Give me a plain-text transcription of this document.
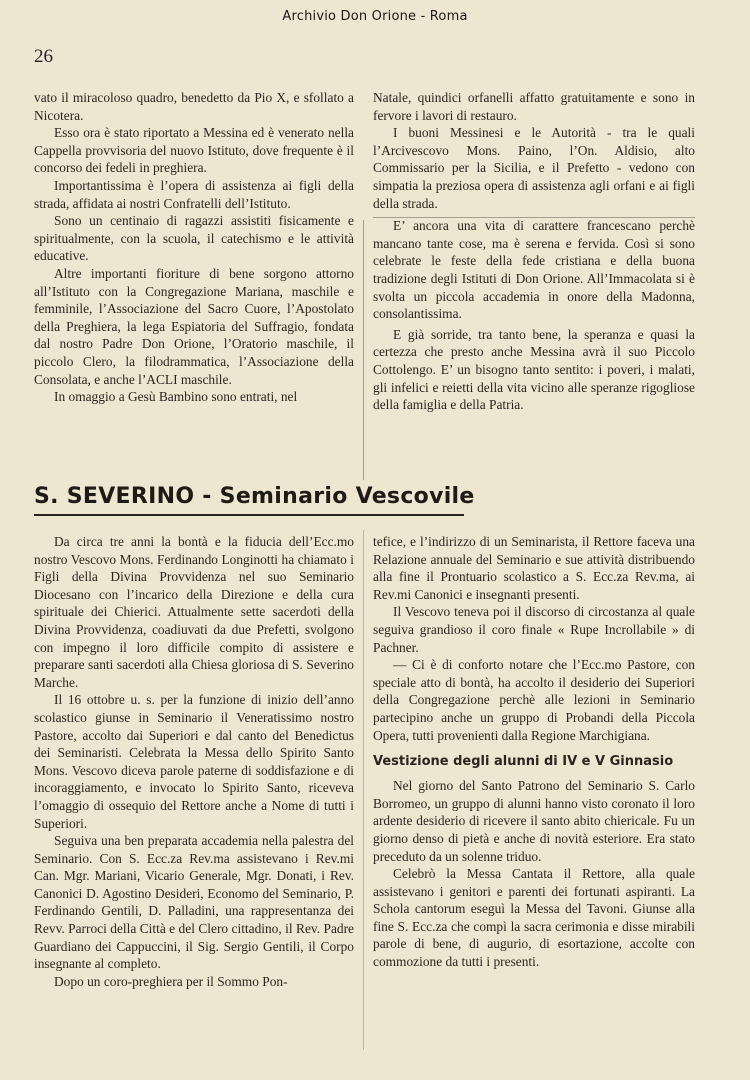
Archivio Don Orione - Roma
26

vato il miracoloso quadro, benedetto da Pio X, e sfollato a Nicotera.

Esso ora è stato riportato a Messina ed è venerato nella Cappella provvisoria del nuovo Istituto, dove frequente è il concorso dei fedeli in preghiera.

Importantissima è l’opera di assistenza ai figli della strada, affidata ai nostri Confratelli dell’Istituto.

Sono un centinaio di ragazzi assistiti fisicamente e spiritualmente, con la scuola, il catechismo e le attività educative.

Altre importanti fioriture di bene sorgono attorno all’Istituto con la Congregazione Mariana, maschile e femminile, l’Associazione del Sacro Cuore, l’Apostolato della Preghiera, la lega Espiatoria del Suffragio, fondata dal nostro Padre Don Orione, l’Oratorio maschile, il piccolo Clero, la filodrammatica, l’Associazione della Consolata, e anche l’ACLI maschile.

In omaggio a Gesù Bambino sono entrati, nel

Natale, quindici orfanelli affatto gratuitamente e sono in fervore i lavori di restauro.

I buoni Messinesi e le Autorità - tra le quali l’Arcivescovo Mons. Paino, l’On. Aldisio, alto Commissario per la Sicilia, e il Prefetto - vedono con simpatia la preziosa opera di assistenza agli orfani e ai figli della strada.

E’ ancora una vita di carattere francescano perchè mancano tante cose, ma è serena e fervida. Così si sono celebrate le feste della fede cristiana e della buona tradizione degli Istituti di Don Orione. All’Immacolata si è svolta un piccola accademia in onore della Madonna, consolantissima.

E già sorride, tra tanto bene, la speranza e quasi la certezza che presto anche Messina avrà il suo Piccolo Cottolengo. E’ un bisogno tanto sentito: i poveri, i malati, gli infelici e reietti della vita vicino alle speranze rigogliose della famiglia e della Patria.

S. SEVERINO - Seminario Vescovile

Da circa tre anni la bontà e la fiducia dell’Ecc.mo nostro Vescovo Mons. Ferdinando Longinotti ha chiamato i Figli della Divina Provvidenza nel suo Seminario Diocesano con l’incarico della Direzione e della cura spirituale dei Chierici. Attualmente sette sacerdoti della Divina Provvidenza, coadiuvati da due Prefetti, svolgono con impegno il loro difficile compito di assistere e preparare santi sacerdoti alla Chiesa gloriosa di S. Severino Marche.

Il 16 ottobre u. s. per la funzione di inizio dell’anno scolastico giunse in Seminario il Veneratissimo nostro Pastore, accolto dai Superiori e dal canto del Benedictus dei Seminaristi. Celebrata la Messa dello Spirito Santo Mons. Vescovo diceva parole paterne di soddisfazione e di incoraggiamento, e invocato lo Spirito Santo, riceveva l’omaggio di ossequio del Rettore anche a Nome di tutti i Superiori.

Seguiva una ben preparata accademia nella palestra del Seminario. Con S. Ecc.za Rev.ma assistevano i Rev.mi Can. Mgr. Mariani, Vicario Generale, Mgr. Donati, i Rev. Canonici D. Agostino Desideri, Economo del Seminario, P. Ferdinando Gentili, D. Palladini, una rappresentanza dei Revv. Parroci della Città e del Clero cittadino, il Rev. Padre Guardiano dei Cappuccini, il Sig. Sergio Gentili, il Corpo insegnante al completo.

Dopo un coro-preghiera per il Sommo Pon-

tefice, e l’indirizzo di un Seminarista, il Rettore faceva una Relazione annuale del Seminario e sue attività distribuendo alla fine il Prontuario scolastico a S. Ecc.za Rev.ma, ai Rev.mi Canonici e insegnanti presenti.

Il Vescovo teneva poi il discorso di circostanza al quale seguiva grandioso il coro finale « Rupe Incrollabile » di Pachner.

— Ci è di conforto notare che l’Ecc.mo Pastore, con speciale atto di bontà, ha accolto il desiderio dei Superiori della Congregazione perchè alle lezioni in Seminario partecipino anche un gruppo di Probandi della Piccola Opera, tutti provenienti dalla Regione Marchigiana.

Vestizione degli alunni di IV e V Ginnasio

Nel giorno del Santo Patrono del Seminario S. Carlo Borromeo, un gruppo di alunni hanno visto coronato il loro ardente desiderio di ricevere il santo abito chiericale. Fu un giorno denso di pietà e anche di novità esteriore. Era stato preceduto da un solenne triduo.

Celebrò la Messa Cantata il Rettore, alla quale assistevano i genitori e parenti dei fortunati aspiranti. La Schola cantorum eseguì la Messa del Tavoni. Giunse alla fine S. Ecc.za che compì la sacra cerimonia e disse mirabili parole di bene, di augurio, di esortazione, accolte con commozione da tutti i presenti.
